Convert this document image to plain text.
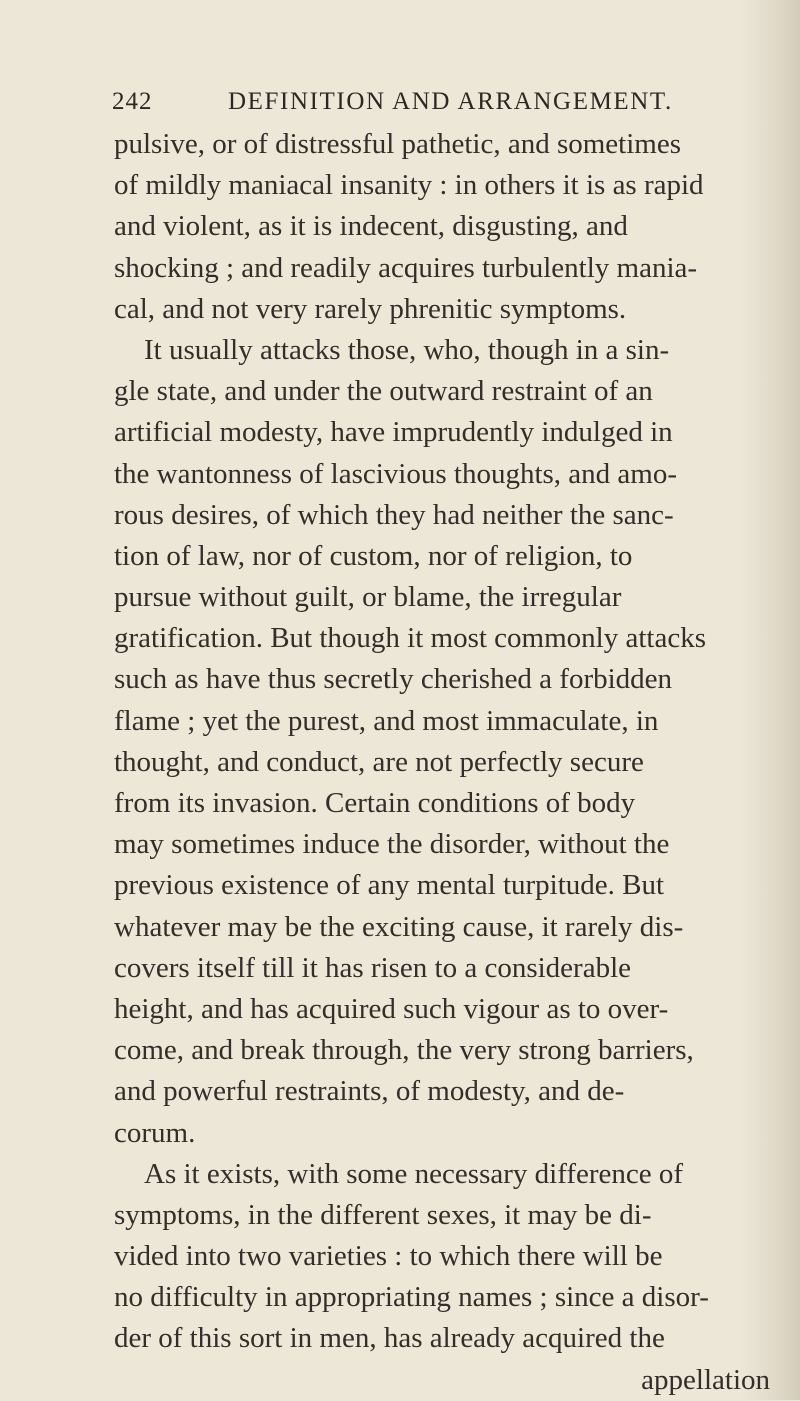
242	DEFINITION AND ARRANGEMENT.
pulsive, or of distressful pathetic, and sometimes
of mildly maniacal insanity : in others it is as rapid
and violent, as it is indecent, disgusting, and
shocking ; and readily acquires turbulently mania-
cal, and not very rarely phrenitic symptoms.
It usually attacks those, who, though in a sin-
gle state, and under the outward restraint of an
artificial modesty, have imprudently indulged in
the wantonness of lascivious thoughts, and amo-
rous desires, of which they had neither the sanc-
tion of law, nor of custom, nor of religion, to
pursue without guilt, or blame, the irregular
gratification. But though it most commonly attacks
such as have thus secretly cherished a forbidden
flame ; yet the purest, and most immaculate, in
thought, and conduct, are not perfectly secure
from its invasion. Certain conditions of body
may sometimes induce the disorder, without the
previous existence of any mental turpitude. But
whatever may be the exciting cause, it rarely dis-
covers itself till it has risen to a considerable
height, and has acquired such vigour as to over-
come, and break through, the very strong barriers,
and powerful restraints, of modesty, and de-
corum.
As it exists, with some necessary difference of
symptoms, in the different sexes, it may be di-
vided into two varieties : to which there will be
no difficulty in appropriating names ; since a disor-
der of this sort in men, has already acquired the
appellation
